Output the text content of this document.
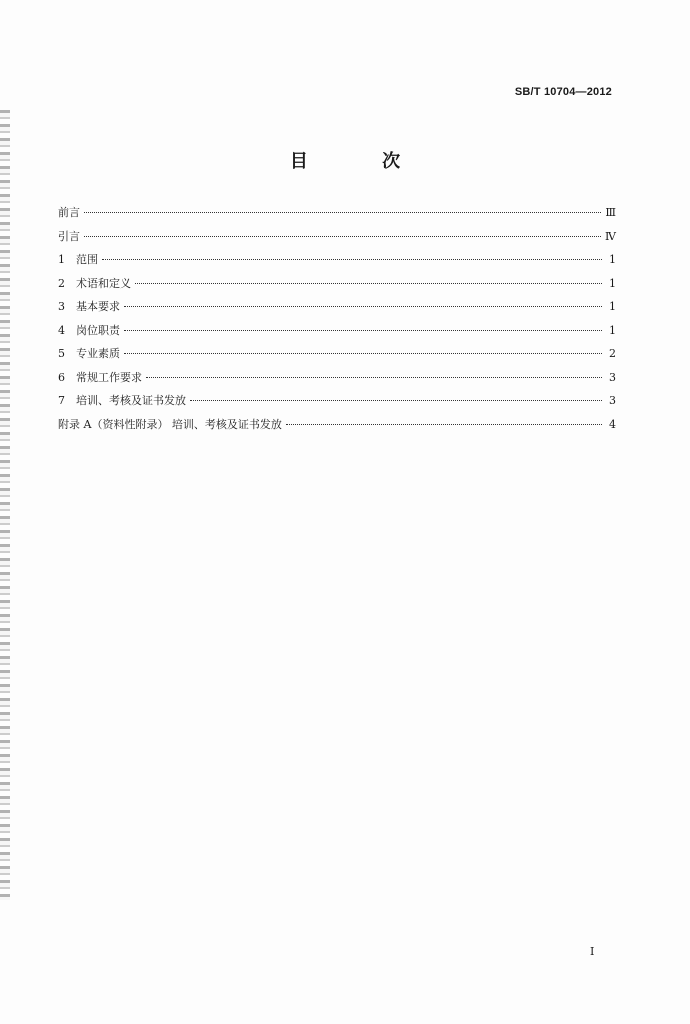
SB/T 10704—2012
目 次
前言	Ⅲ
引言	Ⅳ
1	范围	1
2	术语和定义	1
3	基本要求	1
4	岗位职责	1
5	专业素质	2
6	常规工作要求	3
7	培训、考核及证书发放	3
附录 A（资料性附录） 培训、考核及证书发放	4
I
